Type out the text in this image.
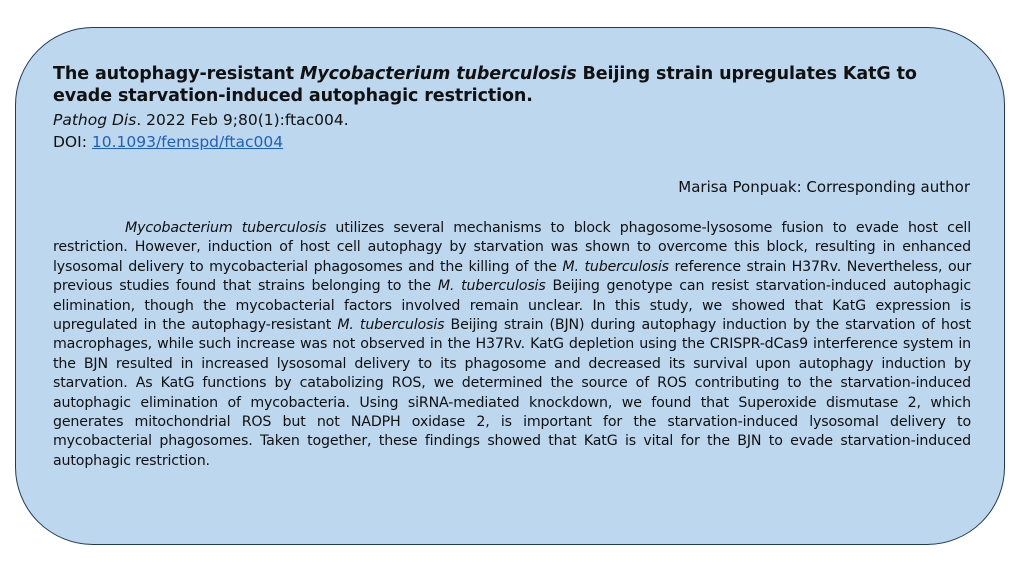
The autophagy-resistant Mycobacterium tuberculosis Beijing strain upregulates KatG to evade starvation-induced autophagic restriction.

Pathog Dis. 2022 Feb 9;80(1):ftac004.

DOI: 10.1093/femspd/ftac004

Marisa Ponpuak: Corresponding author

Mycobacterium tuberculosis utilizes several mechanisms to block phagosome-lysosome fusion to evade host cell restriction. However, induction of host cell autophagy by starvation was shown to overcome this block, resulting in enhanced lysosomal delivery to mycobacterial phagosomes and the killing of the M. tuberculosis reference strain H37Rv. Nevertheless, our previous studies found that strains belonging to the M. tuberculosis Beijing genotype can resist starvation-induced autophagic elimination, though the mycobacterial factors involved remain unclear. In this study, we showed that KatG expression is upregulated in the autophagy-resistant M. tuberculosis Beijing strain (BJN) during autophagy induction by the starvation of host macrophages, while such increase was not observed in the H37Rv. KatG depletion using the CRISPR-dCas9 interference system in the BJN resulted in increased lysosomal delivery to its phagosome and decreased its survival upon autophagy induction by starvation. As KatG functions by catabolizing ROS, we determined the source of ROS contributing to the starvation-induced autophagic elimination of mycobacteria. Using siRNA-mediated knockdown, we found that Superoxide dismutase 2, which generates mitochondrial ROS but not NADPH oxidase 2, is important for the starvation-induced lysosomal delivery to mycobacterial phagosomes. Taken together, these findings showed that KatG is vital for the BJN to evade starvation-induced autophagic restriction.
